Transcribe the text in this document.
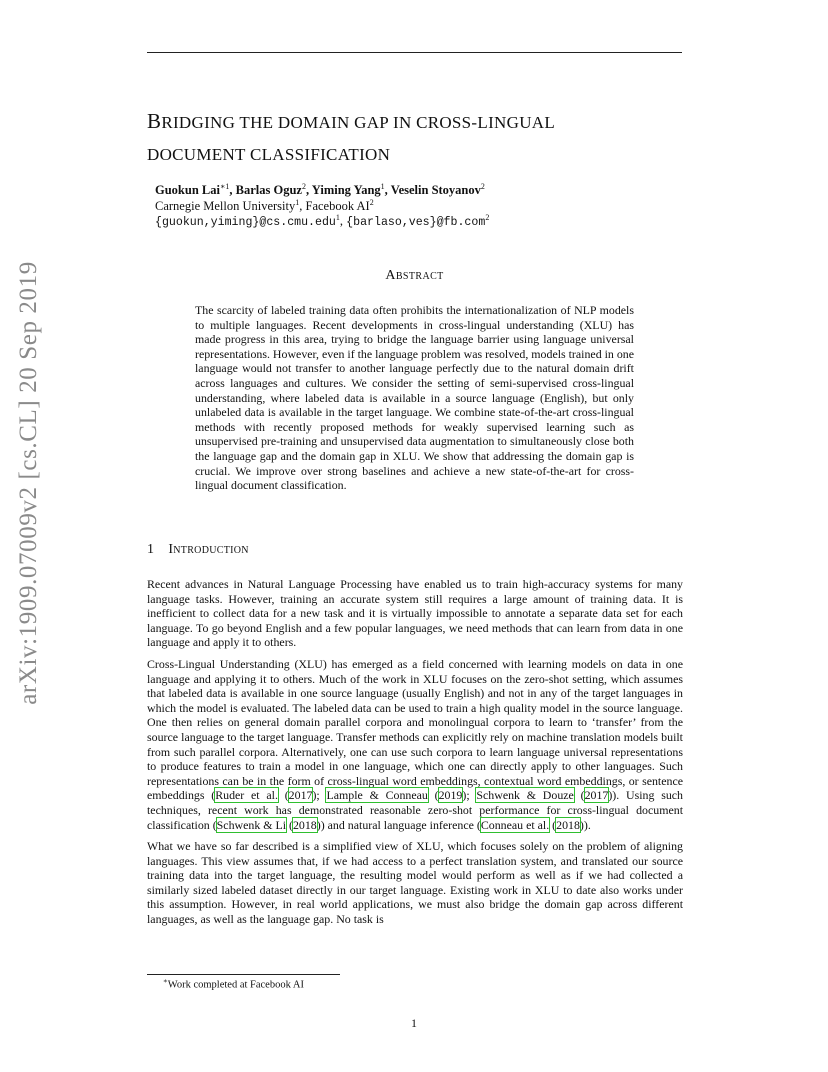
arXiv:1909.07009v2 [cs.CL] 20 Sep 2019
BRIDGING THE DOMAIN GAP IN CROSS-LINGUAL
DOCUMENT CLASSIFICATION
Guokun Lai$^{∗1}$, Barlas Oguz$^2$, Yiming Yang$^1$, Veselin Stoyanov$^2$
Carnegie Mellon University$^1$, Facebook $AI^2$
{guokun,yiming}@cs.cmu.edu$^1$, {barlaso,ves}@fb.com$^2$
Abstract
The scarcity of labeled training data often prohibits the internationalization of NLP models to multiple languages. Recent developments in cross-lingual understanding (XLU) has made progress in this area, trying to bridge the language barrier using language universal representations. However, even if the language problem was resolved, models trained in one language would not transfer to another language perfectly due to the natural domain drift across languages and cultures. We consider the setting of semi-supervised cross-lingual understanding, where labeled data is available in a source language (English), but only unlabeled data is available in the target language. We combine state-of-the-art cross-lingual methods with recently proposed methods for weakly supervised learning such as unsupervised pre-training and unsupervised data augmentation to simultaneously close both the language gap and the domain gap in XLU. We show that addressing the domain gap is crucial. We improve over strong baselines and achieve a new state-of-the-art for cross-lingual document classification.
1 Introduction

Recent advances in Natural Language Processing have enabled us to train high-accuracy systems for many language tasks. However, training an accurate system still requires a large amount of training data. It is inefficient to collect data for a new task and it is virtually impossible to annotate a separate data set for each language. To go beyond English and a few popular languages, we need methods that can learn from data in one language and apply it to others.

Cross-Lingual Understanding (XLU) has emerged as a field concerned with learning models on data in one language and applying it to others. Much of the work in XLU focuses on the zero-shot setting, which assumes that labeled data is available in one source language (usually English) and not in any of the target languages in which the model is evaluated. The labeled data can be used to train a high quality model in the source language. One then relies on general domain parallel corpora and monolingual corpora to learn to ‘transfer’ from the source language to the target language. Transfer methods can explicitly rely on machine translation models built from such parallel corpora. Alternatively, one can use such corpora to learn language universal representations to produce features to train a model in one language, which one can directly apply to other languages. Such representations can be in the form of cross-lingual word embeddings, contextual word embeddings, or sentence embeddings (Ruder et al. (2017); Lample & Conneau (2019); Schwenk & Douze (2017)). Using such techniques, recent work has demonstrated reasonable zero-shot performance for cross-lingual document classification (Schwenk & Li (2018)) and natural language inference (Conneau et al. (2018)).

What we have so far described is a simplified view of XLU, which focuses solely on the problem of aligning languages. This view assumes that, if we had access to a perfect translation system, and translated our source training data into the target language, the resulting model would perform as well as if we had collected a similarly sized labeled dataset directly in our target language. Existing work in XLU to date also works under this assumption. However, in real world applications, we must also bridge the domain gap across different languages, as well as the language gap. No task is

∗Work completed at Facebook AI
1
